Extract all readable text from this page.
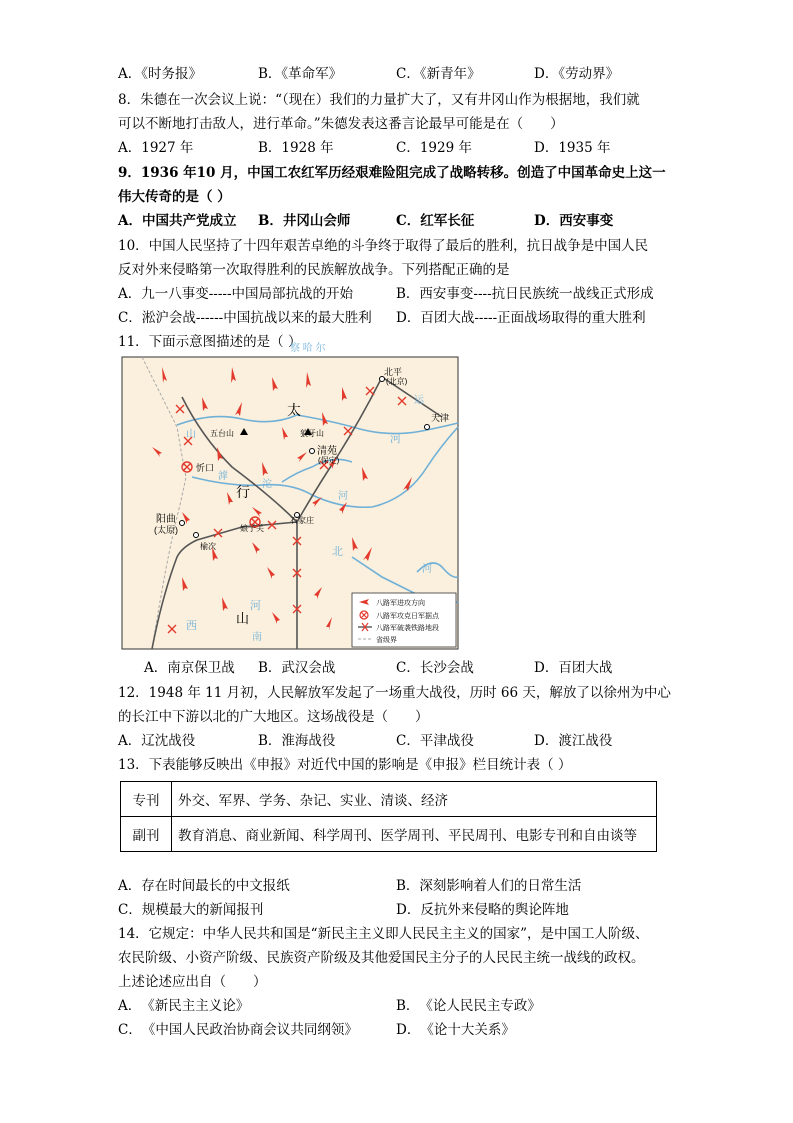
A．《时务报》	B．《革命军》	C．《新青年》	D．《劳动界》
8．朱德在一次会议上说：“（现在）我们的力量扩大了，又有井冈山作为根据地，我们就
可以不断地打击敌人，进行革命。”朱德发表这番言论最早可能是在（　　）
A．1927 年	B．1928 年	C．1929 年	D．1935 年
9．1936 年10 月，中国工农红军历经艰难险阻完成了战略转移。创造了中国革命史上这一
伟大传奇的是（ ）
A．中国共产党成立 B．井冈山会师	C．红军长征	D．西安事变
10．中国人民坚持了十四年艰苦卓绝的斗争终于取得了最后的胜利，抗日战争是中国人民
反对外来侵略第一次取得胜利的民族解放战争。下列搭配正确的是
A．九一八事变-----中国局部抗战的开始	B．西安事变----抗日民族统一战线正式形成
C．淞沪会战------中国抗战以来的最大胜利 D．百团大战-----正面战场取得的重大胜利
11．下面示意图描述的是（ ）
察 哈 尔
北平
(北京)
运
天津
太
山 五台山	狼牙山	河
清苑
(保定)
忻口
行
滹
沱
河
阳曲
(太原)	娘子关
石家庄
榆次	北
河
西	山
南
河
八路军进攻方向
八路军攻克日军据点
八路军破袭铁路地段
省级界
A．南京保卫战 B．武汉会战	C．长沙会战	D．百团大战
12．1948 年 11 月初，人民解放军发起了一场重大战役，历时 66 天，解放了以徐州为中心
的长江中下游以北的广大地区。这场战役是（　　）
A．辽沈战役	B．淮海战役	C．平津战役	D．渡江战役
13．下表能够反映出《申报》对近代中国的影响是《申报》栏目统计表（ ）
专刊	外交、军界、学务、杂记、实业、清谈、经济
副刊	教育消息、商业新闻、科学周刊、医学周刊、平民周刊、电影专刊和自由谈等
A．存在时间最长的中文报纸	B．深刻影响着人们的日常生活
C．规模最大的新闻报刊	D．反抗外来侵略的舆论阵地
14．它规定：中华人民共和国是“新民主主义即人民民主主义的国家”，是中国工人阶级、
农民阶级、小资产阶级、民族资产阶级及其他爱国民主分子的人民民主统一战线的政权。
上述论述应出自（　　）
A．　《新民主主义论》	B．　《论人民民主专政》
C．　《中国人民政治协商会议共同纲领》	D．　《论十大关系》
